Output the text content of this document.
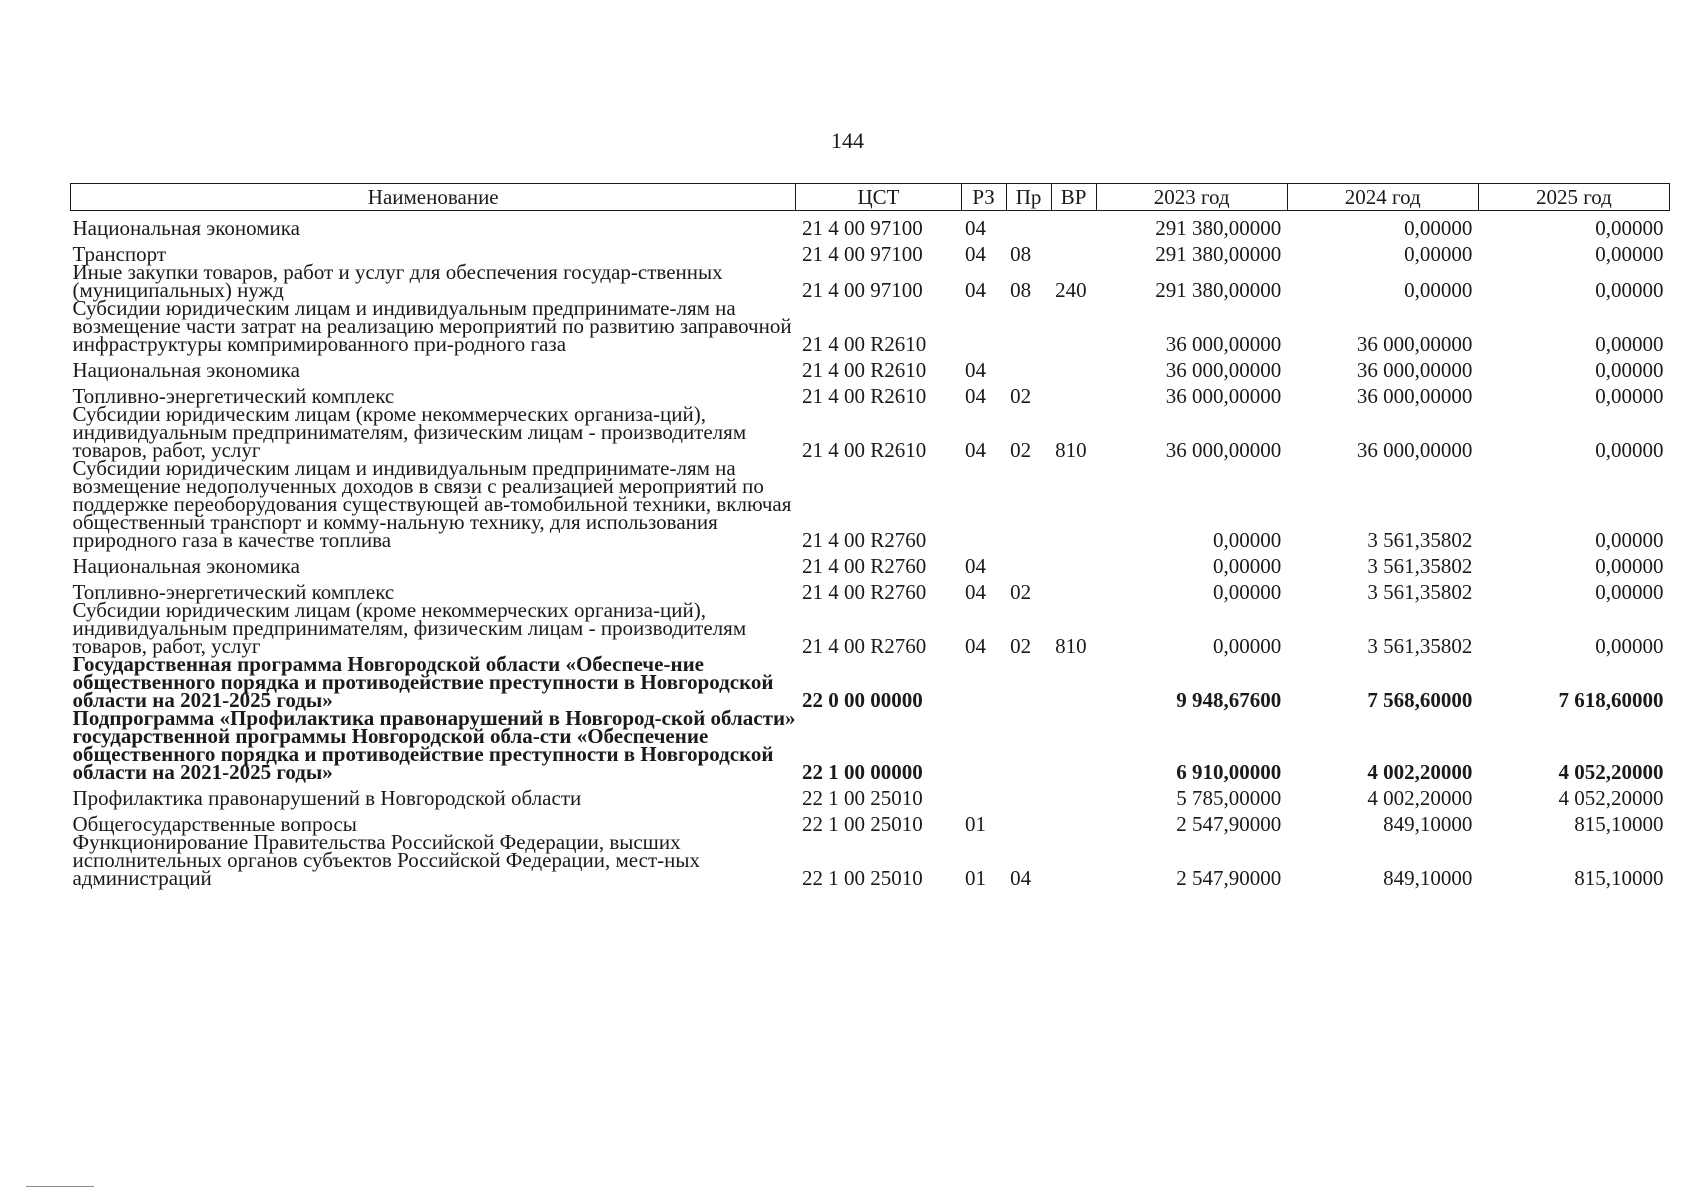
144
Наименование	ЦСТ	РЗ	Пр	ВР	2023 год	2024 год	2025 год
Национальная экономика	21 4 00 97100	04			291 380,00000	0,00000	0,00000
Транспорт	21 4 00 97100	04	08		291 380,00000	0,00000	0,00000
Иные закупки товаров, работ и услуг для обеспечения государ-ственных (муниципальных) нужд	21 4 00 97100	04	08	240	291 380,00000	0,00000	0,00000
Субсидии юридическим лицам и индивидуальным предпринимате-лям на возмещение части затрат на реализацию мероприятий по развитию заправочной инфраструктуры компримированного при-родного газа	21 4 00 R2610				36 000,00000	36 000,00000	0,00000
Национальная экономика	21 4 00 R2610	04			36 000,00000	36 000,00000	0,00000
Топливно-энергетический комплекс	21 4 00 R2610	04	02		36 000,00000	36 000,00000	0,00000
Субсидии юридическим лицам (кроме некоммерческих организа-ций), индивидуальным предпринимателям, физическим лицам - производителям товаров, работ, услуг	21 4 00 R2610	04	02	810	36 000,00000	36 000,00000	0,00000
Субсидии юридическим лицам и индивидуальным предпринимате-лям на возмещение недополученных доходов в связи с реализацией мероприятий по поддержке переоборудования существующей ав-томобильной техники, включая общественный транспорт и комму-нальную технику, для использования природного газа в качестве топлива	21 4 00 R2760				0,00000	3 561,35802	0,00000
Национальная экономика	21 4 00 R2760	04			0,00000	3 561,35802	0,00000
Топливно-энергетический комплекс	21 4 00 R2760	04	02		0,00000	3 561,35802	0,00000
Субсидии юридическим лицам (кроме некоммерческих организа-ций), индивидуальным предпринимателям, физическим лицам - производителям товаров, работ, услуг	21 4 00 R2760	04	02	810	0,00000	3 561,35802	0,00000
Государственная программа Новгородской области «Обеспече-ние общественного порядка и противодействие преступности в Новгородской области на 2021-2025 годы»	22 0 00 00000				9 948,67600	7 568,60000	7 618,60000
Подпрограмма «Профилактика правонарушений в Новгород-ской области» государственной программы Новгородской обла-сти «Обеспечение общественного порядка и противодействие преступности в Новгородской области на 2021-2025 годы»	22 1 00 00000				6 910,00000	4 002,20000	4 052,20000
Профилактика правонарушений в Новгородской области	22 1 00 25010				5 785,00000	4 002,20000	4 052,20000
Общегосударственные вопросы	22 1 00 25010	01			2 547,90000	849,10000	815,10000
Функционирование Правительства Российской Федерации, высших исполнительных органов субъектов Российской Федерации, мест-ных администраций	22 1 00 25010	01	04		2 547,90000	849,10000	815,10000
